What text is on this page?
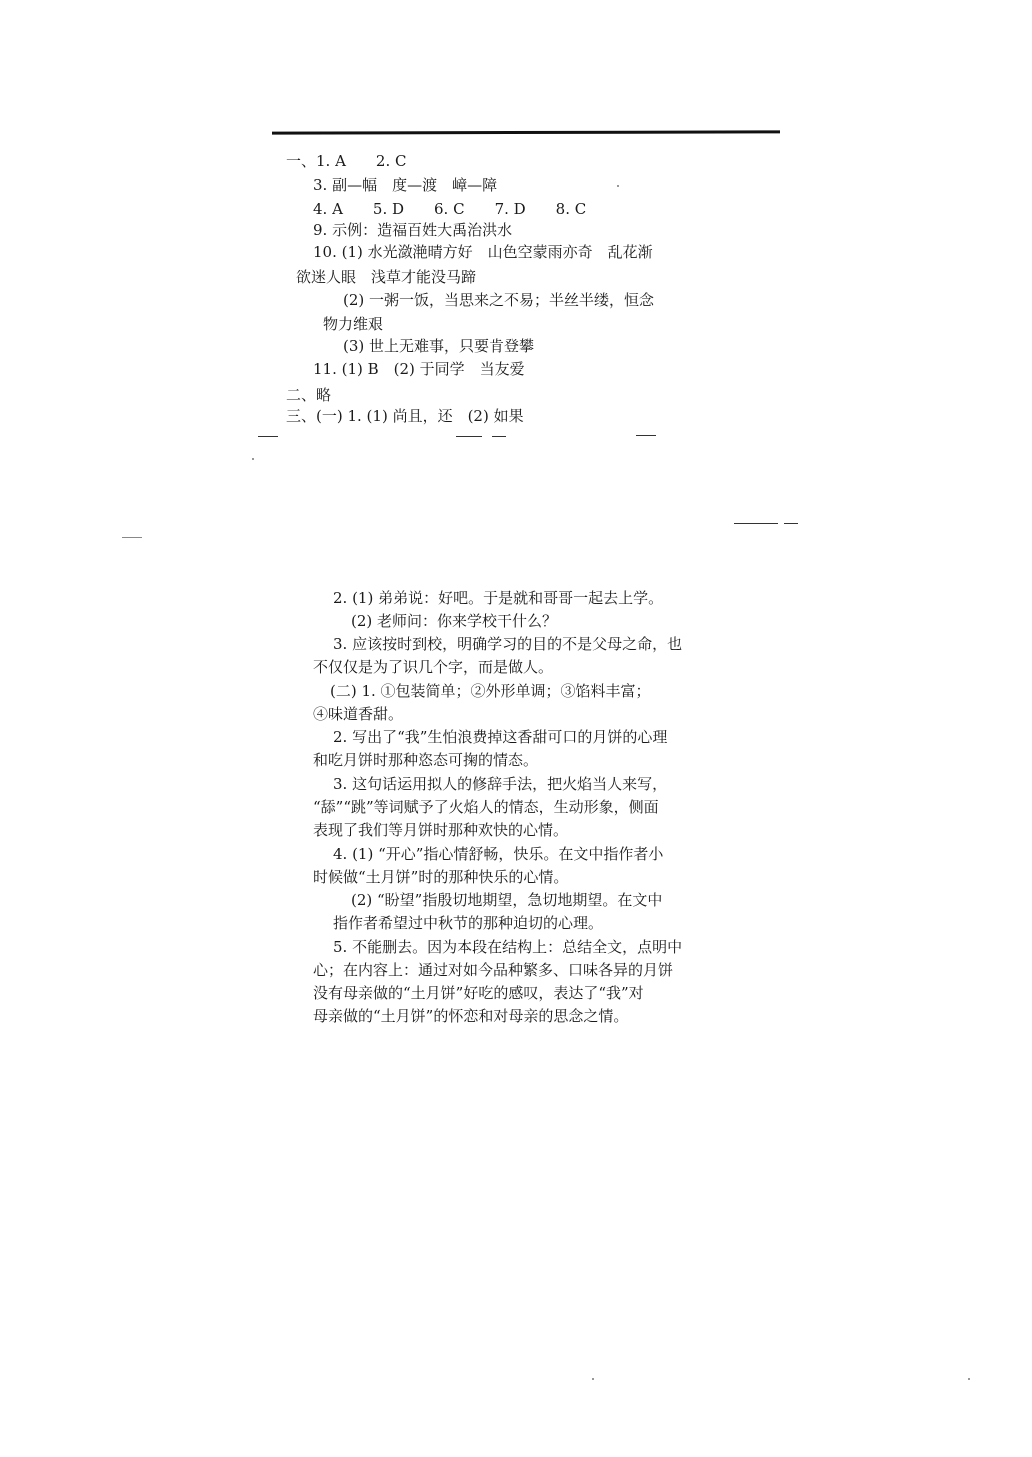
一、1. A　　2. C
3. 副—幅　度—渡　嶂—障
4. A　　5. D　　6. C　　7. D　　8. C
9. 示例：造福百姓大禹治洪水
10. (1) 水光潋滟晴方好　山色空蒙雨亦奇　乱花渐
欲迷人眼　浅草才能没马蹄
(2) 一粥一饭，当思来之不易；半丝半缕，恒念
物力维艰
(3) 世上无难事，只要肯登攀
11. (1) B　(2) 于同学　当友爱
二、略
三、(一) 1. (1) 尚且，还　(2) 如果
2. (1) 弟弟说：好吧。于是就和哥哥一起去上学。
(2) 老师问：你来学校干什么？
3. 应该按时到校，明确学习的目的不是父母之命，也
不仅仅是为了识几个字，而是做人。
(二) 1. ①包装简单；②外形单调；③馅料丰富；
④味道香甜。
2. 写出了“我”生怕浪费掉这香甜可口的月饼的心理
和吃月饼时那种恣态可掬的情态。
3. 这句话运用拟人的修辞手法，把火焰当人来写，
“舔”“跳”等词赋予了火焰人的情态，生动形象，侧面
表现了我们等月饼时那种欢快的心情。
4. (1) “开心”指心情舒畅，快乐。在文中指作者小
时候做“土月饼”时的那种快乐的心情。
(2) “盼望”指殷切地期望，急切地期望。在文中
指作者希望过中秋节的那种迫切的心理。
5. 不能删去。因为本段在结构上：总结全文，点明中
心；在内容上：通过对如今品种繁多、口味各异的月饼
没有母亲做的“土月饼”好吃的感叹，表达了“我”对
母亲做的“土月饼”的怀恋和对母亲的思念之情。
